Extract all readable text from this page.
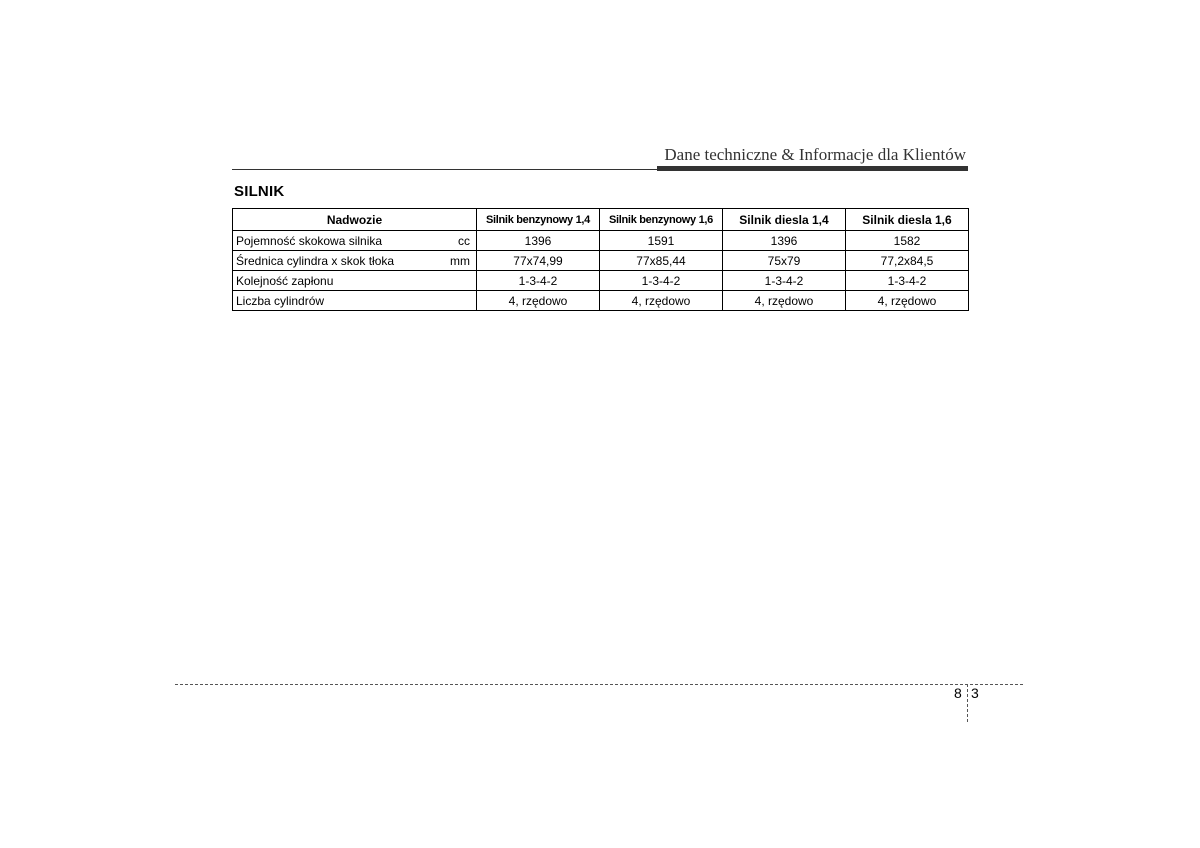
Dane techniczne & Informacje dla Klientów
SILNIK
Nadwozie	Silnik benzynowy 1,4	Silnik benzynowy 1,6	Silnik diesla 1,4	Silnik diesla 1,6

Pojemność skokowa silnika cc	1396	1591	1396	1582

Średnica cylindra x skok tłoka mm	77x74,99	77x85,44	75x79	77,2x84,5

Kolejność zapłonu	1-3-4-2	1-3-4-2	1-3-4-2	1-3-4-2

Liczba cylindrów	4, rzędowo	4, rzędowo	4, rzędowo	4, rzędowo
8 3
